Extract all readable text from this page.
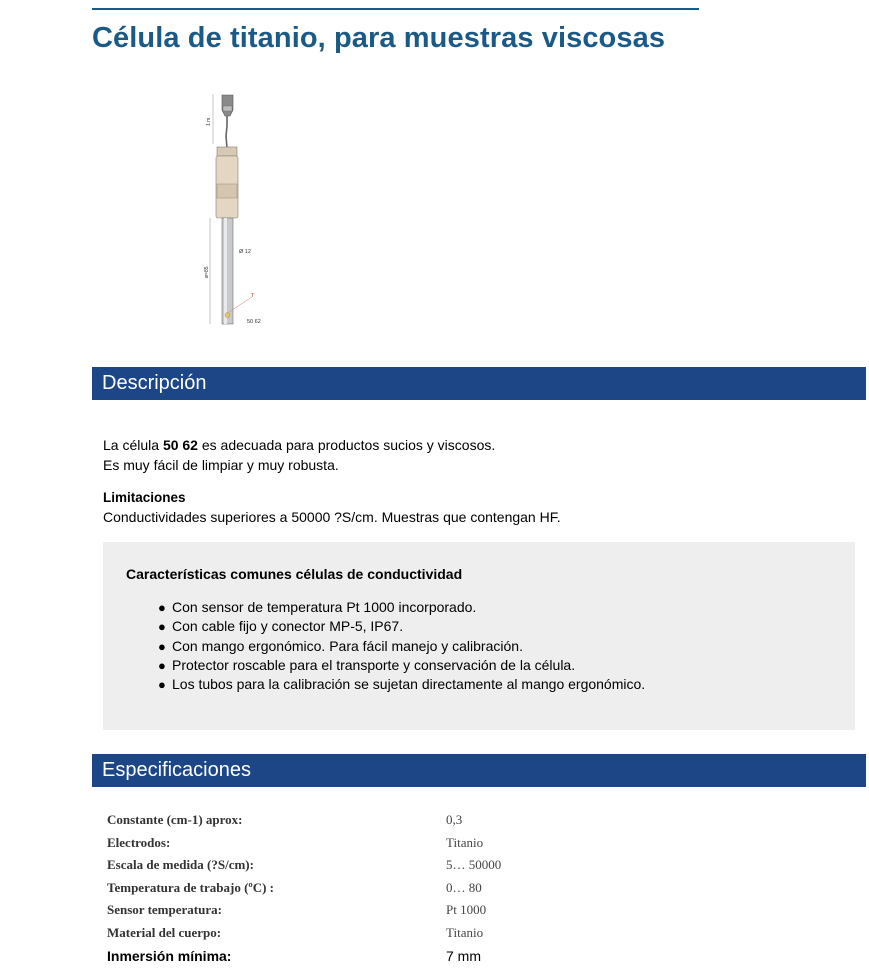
Célula de titanio, para muestras viscosas
1 m
ø=85
Ø 12
T
50 62
Descripción
La célula 50 62 es adecuada para productos sucios y viscosos.
Es muy fácil de limpiar y muy robusta.
Limitaciones
Conductividades superiores a 50000 ?S/cm. Muestras que contengan HF.
Características comunes células de conductividad
● Con sensor de temperatura Pt 1000 incorporado.
● Con cable fijo y conector MP-5, IP67.
● Con mango ergonómico. Para fácil manejo y calibración.
● Protector roscable para el transporte y conservación de la célula.
● Los tubos para la calibración se sujetan directamente al mango ergonómico.
Especificaciones
Constante (cm-1) aprox:	0,3
Electrodos:	Titanio
Escala de medida (?S/cm):	5… 50000
Temperatura de trabajo (ºC) :	0… 80
Sensor temperatura:	Pt 1000
Material del cuerpo:	Titanio
Inmersión mínima:	7 mm
